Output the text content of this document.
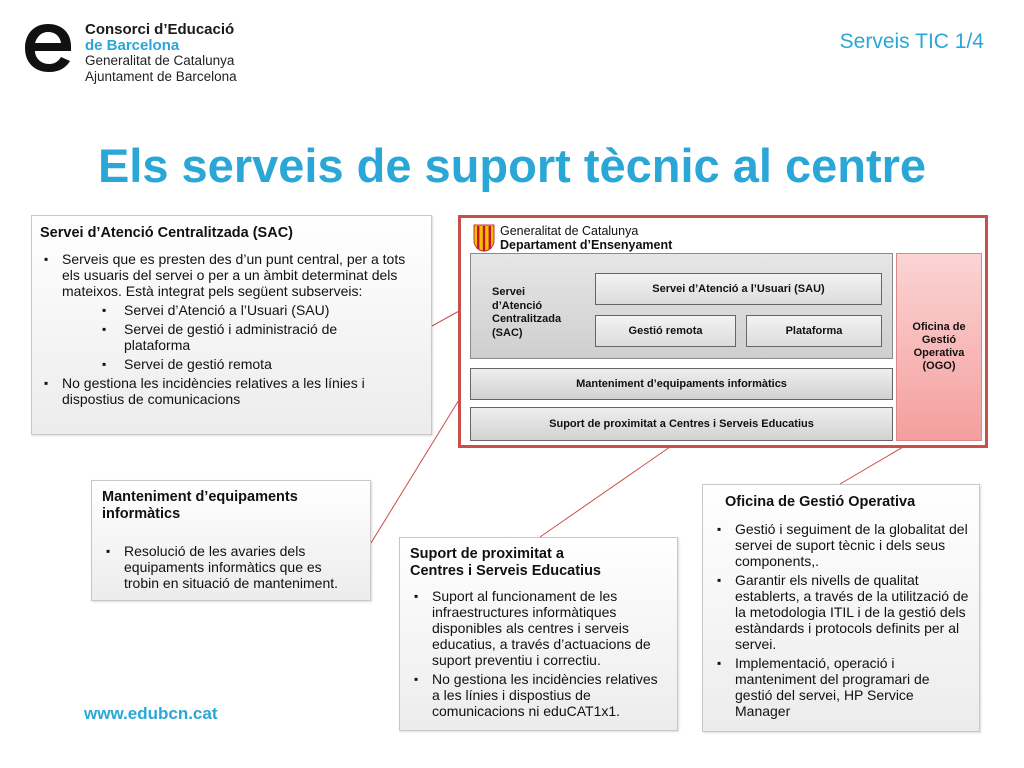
Consorci d’Educació
de Barcelona
Generalitat de Catalunya
Ajuntament de Barcelona
Serveis TIC 1/4
Els serveis de suport tècnic al centre
Servei d’Atenció Centralitzada (SAC)
▪ Serveis que es presten des d’un punt central, per a tots els usuaris del servei o per a un àmbit determinat dels mateixos. Està integrat pels següent subserveis:
▪ Servei d’Atenció a l’Usuari (SAU)
▪ Servei de gestió i administració de plataforma
▪ Servei de gestió remota
▪ No gestiona les incidències relatives a les línies i dispostius de comunicacions
Generalitat de Catalunya
Departament d’Ensenyament
Servei d’Atenció Centralitzada (SAC)
Servei d’Atenció a l’Usuari (SAU)
Gestió remota	Plataforma
Manteniment d’equipaments informàtics
Suport de proximitat a Centres i Serveis Educatius
Oficina de Gestió Operativa (OGO)
Manteniment d’equipaments informàtics
▪ Resolució de les avaries dels equipaments informàtics que es trobin en situació de manteniment.
Suport de proximitat a
Centres i Serveis Educatius
▪ Suport al funcionament de les infraestructures informàtiques disponibles als centres i serveis educatius, a través d’actuacions de suport preventiu i correctiu.
▪ No gestiona les incidències relatives a les línies i dispostius de comunicacions ni eduCAT1x1.
Oficina de Gestió Operativa
▪ Gestió i seguiment de la globalitat del servei de suport tècnic i dels seus components,.
▪ Garantir els nivells de qualitat establerts, a través de la utilització de la metodologia ITIL i de la gestió dels estàndards i protocols definits per al servei.
▪ Implementació, operació i manteniment del programari de gestió del servei, HP Service Manager
www.edubcn.cat
